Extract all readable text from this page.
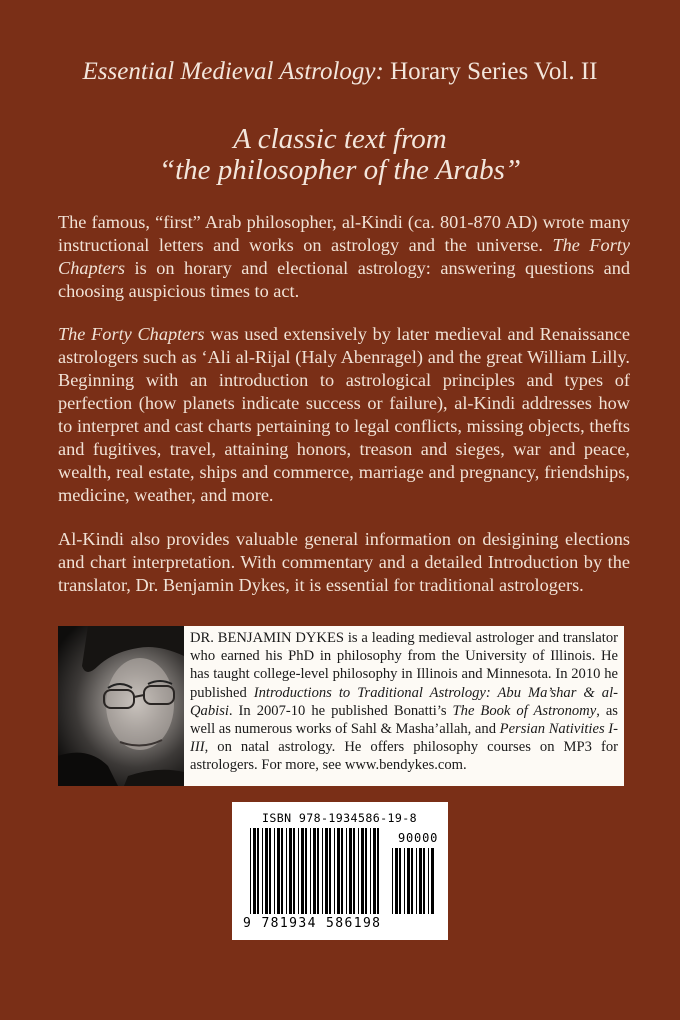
Essential Medieval Astrology: Horary Series Vol. II
A classic text from
“the philosopher of the Arabs”

The famous, “first” Arab philosopher, al-Kindi (ca. 801-870 AD) wrote many instructional letters and works on astrology and the universe. The Forty Chapters is on horary and electional astrology: answering questions and choosing auspicious times to act.

The Forty Chapters was used extensively by later medieval and Renaissance astrologers such as ‘Ali al-Rijal (Haly Abenragel) and the great William Lilly. Beginning with an introduction to astrological principles and types of perfection (how planets indicate success or failure), al-Kindi addresses how to interpret and cast charts pertaining to legal conflicts, missing objects, thefts and fugitives, travel, attaining honors, treason and sieges, war and peace, wealth, real estate, ships and commerce, marriage and pregnancy, friendships, medicine, weather, and more.

Al-Kindi also provides valuable general information on desigining elections and chart interpretation. With commentary and a detailed Introduction by the translator, Dr. Benjamin Dykes, it is essential for traditional astrologers.

DR. BENJAMIN DYKES is a leading medieval astrologer and translator who earned his PhD in philosophy from the University of Illinois. He has taught college-level philosophy in Illinois and Minnesota. In 2010 he published Introductions to Traditional Astrology: Abu Ma’shar & al-Qabisi. In 2007-10 he published Bonatti’s The Book of Astronomy, as well as numerous works of Sahl & Masha’allah, and Persian Nativities I-III, on natal astrology. He offers philosophy courses on MP3 for astrologers. For more, see www.bendykes.com.
ISBN 978-1934586-19-8
90000
9 781934 586198
